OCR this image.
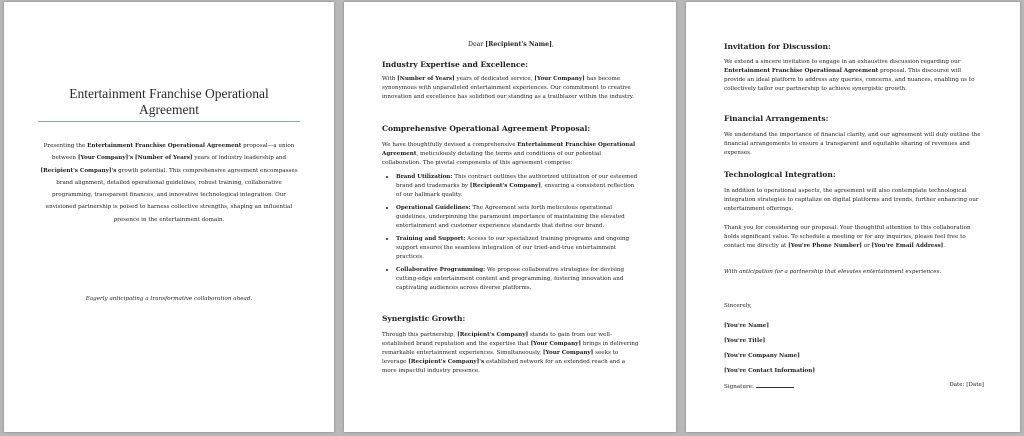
Entertainment Franchise Operational
Agreement
Presenting the Entertainment Franchise Operational Agreement proposal—a union between [Your Company]'s [Number of Years] years of industry leadership and [Recipient's Company]'s growth potential. This comprehensive agreement encompasses brand alignment, detailed operational guidelines, robust training, collaborative programming, transparent finances, and innovative technological integration. Our envisioned partnership is poised to harness collective strengths, shaping an influential presence in the entertainment domain.
Eagerly anticipating a transformative collaboration ahead.
Dear [Recipient's Name],

Industry Expertise and Excellence:

With [Number of Years] years of dedicated service, [Your Company] has become synonymous with unparalleled entertainment experiences. Our commitment to creative innovation and excellence has solidified our standing as a trailblazer within the industry.

Comprehensive Operational Agreement Proposal:

We have thoughtfully devised a comprehensive Entertainment Franchise Operational Agreement, meticulously detailing the terms and conditions of our potential collaboration. The pivotal components of this agreement comprise:

• Brand Utilization: This contract outlines the authorized utilization of our esteemed brand and trademarks by [Recipient's Company], ensuring a consistent reflection of our hallmark quality.
• Operational Guidelines: The Agreement sets forth meticulous operational guidelines, underpinning the paramount importance of maintaining the elevated entertainment and customer experience standards that define our brand.
• Training and Support: Access to our specialized training programs and ongoing support ensures the seamless integration of our tried-and-true entertainment practices.
• Collaborative Programming: We propose collaborative strategies for devising cutting-edge entertainment content and programming, fostering innovation and captivating audiences across diverse platforms.

Synergistic Growth:

Through this partnership, [Recipient's Company] stands to gain from our well-established brand reputation and the expertise that [Your Company] brings in delivering remarkable entertainment experiences. Simultaneously, [Your Company] seeks to leverage [Recipient's Company]'s established network for an extended reach and a more impactful industry presence.

Invitation for Discussion:

We extend a sincere invitation to engage in an exhaustive discussion regarding our Entertainment Franchise Operational Agreement proposal. This discourse will provide an ideal platform to address any queries, concerns, and nuances, enabling us to collectively tailor our partnership to achieve synergistic growth.

Financial Arrangements:

We understand the importance of financial clarity, and our agreement will duly outline the financial arrangements to ensure a transparent and equitable sharing of revenues and expenses.

Technological Integration:

In addition to operational aspects, the agreement will also contemplate technological integration strategies to capitalize on digital platforms and trends, further enhancing our entertainment offerings.

Thank you for considering our proposal. Your thoughtful attention to this collaboration holds significant value. To schedule a meeting or for any inquiries, please feel free to contact me directly at [You're Phone Number] or [You're Email Address].
With anticipation for a partnership that elevates entertainment experiences.
Sincerely,
[You're Name]
[You're Title]
[You're Company Name]
[You're Contact Information]
Signature:	Date: [Date]
